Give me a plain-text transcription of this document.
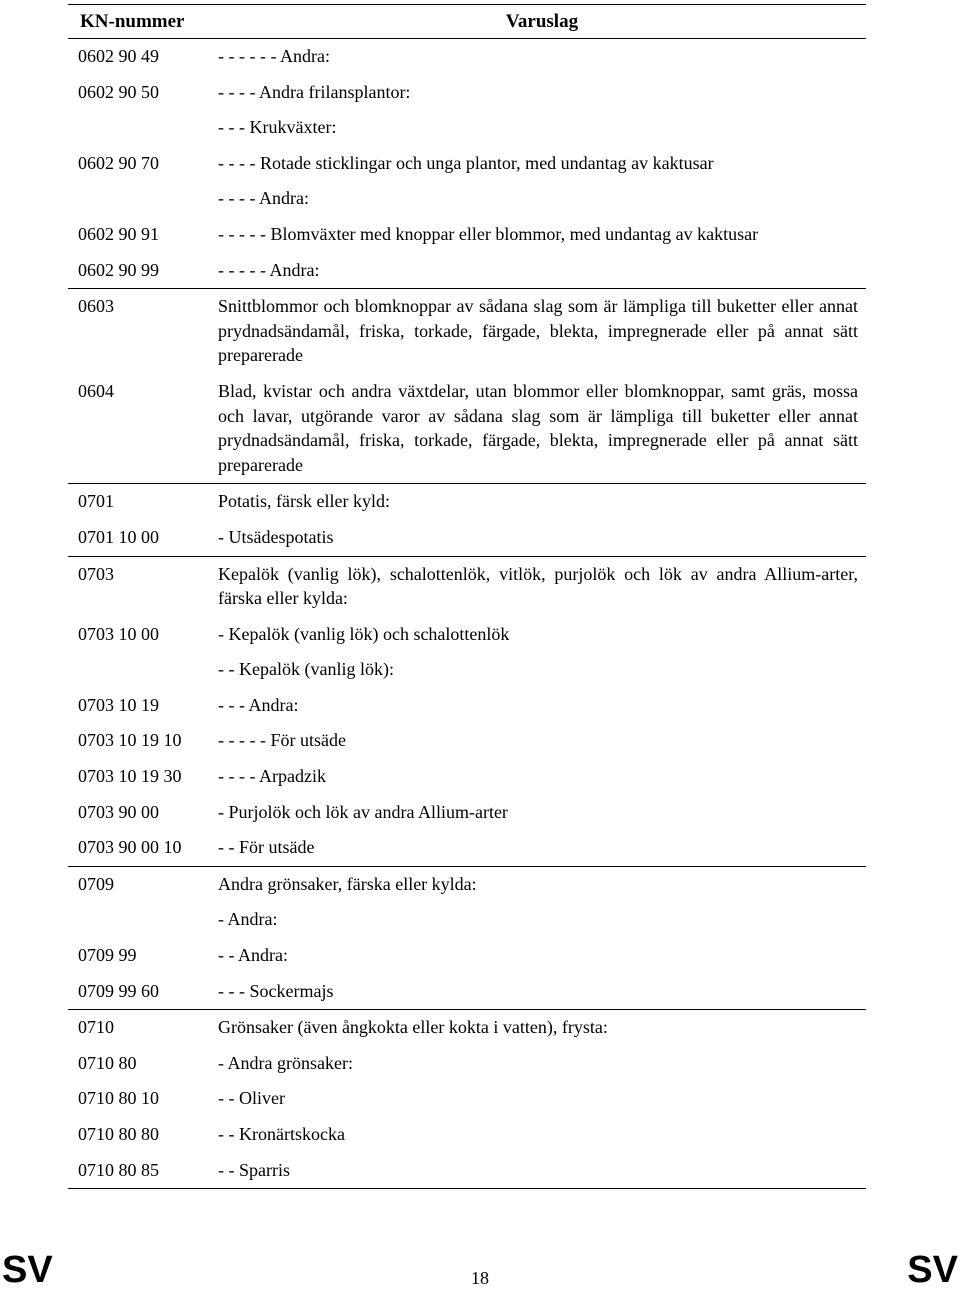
KN-nummer	Varuslag
0602 90 49	- - - - - - Andra:
0602 90 50	- - - - Andra frilansplantor:
	- - - Krukväxter:
0602 90 70	- - - - Rotade sticklingar och unga plantor, med undantag av kaktusar
	- - - - Andra:
0602 90 91	- - - - - Blomväxter med knoppar eller blommor, med undantag av kaktusar
0602 90 99	- - - - - Andra:
0603	Snittblommor och blomknoppar av sådana slag som är lämpliga till buketter eller annat prydnadsändamål, friska, torkade, färgade, blekta, impregnerade eller på annat sätt preparerade
0604	Blad, kvistar och andra växtdelar, utan blommor eller blomknoppar, samt gräs, mossa och lavar, utgörande varor av sådana slag som är lämpliga till buketter eller annat prydnadsändamål, friska, torkade, färgade, blekta, impregnerade eller på annat sätt preparerade
0701	Potatis, färsk eller kyld:
0701 10 00	- Utsädespotatis
0703	Kepalök (vanlig lök), schalottenlök, vitlök, purjolök och lök av andra Allium-arter, färska eller kylda:
0703 10 00	- Kepalök (vanlig lök) och schalottenlök
	- - Kepalök (vanlig lök):
0703 10 19	- - - Andra:
0703 10 19 10	- - - - - För utsäde
0703 10 19 30	- - - - Arpadzik
0703 90 00	- Purjolök och lök av andra Allium-arter
0703 90 00 10	- - För utsäde
0709	Andra grönsaker, färska eller kylda:
	- Andra:
0709 99	- - Andra:
0709 99 60	- - - Sockermajs
0710	Grönsaker (även ångkokta eller kokta i vatten), frysta:
0710 80	- Andra grönsaker:
0710 80 10	- - Oliver
0710 80 80	- - Kronärtskocka
0710 80 85	- - Sparris
SV	18	SV
